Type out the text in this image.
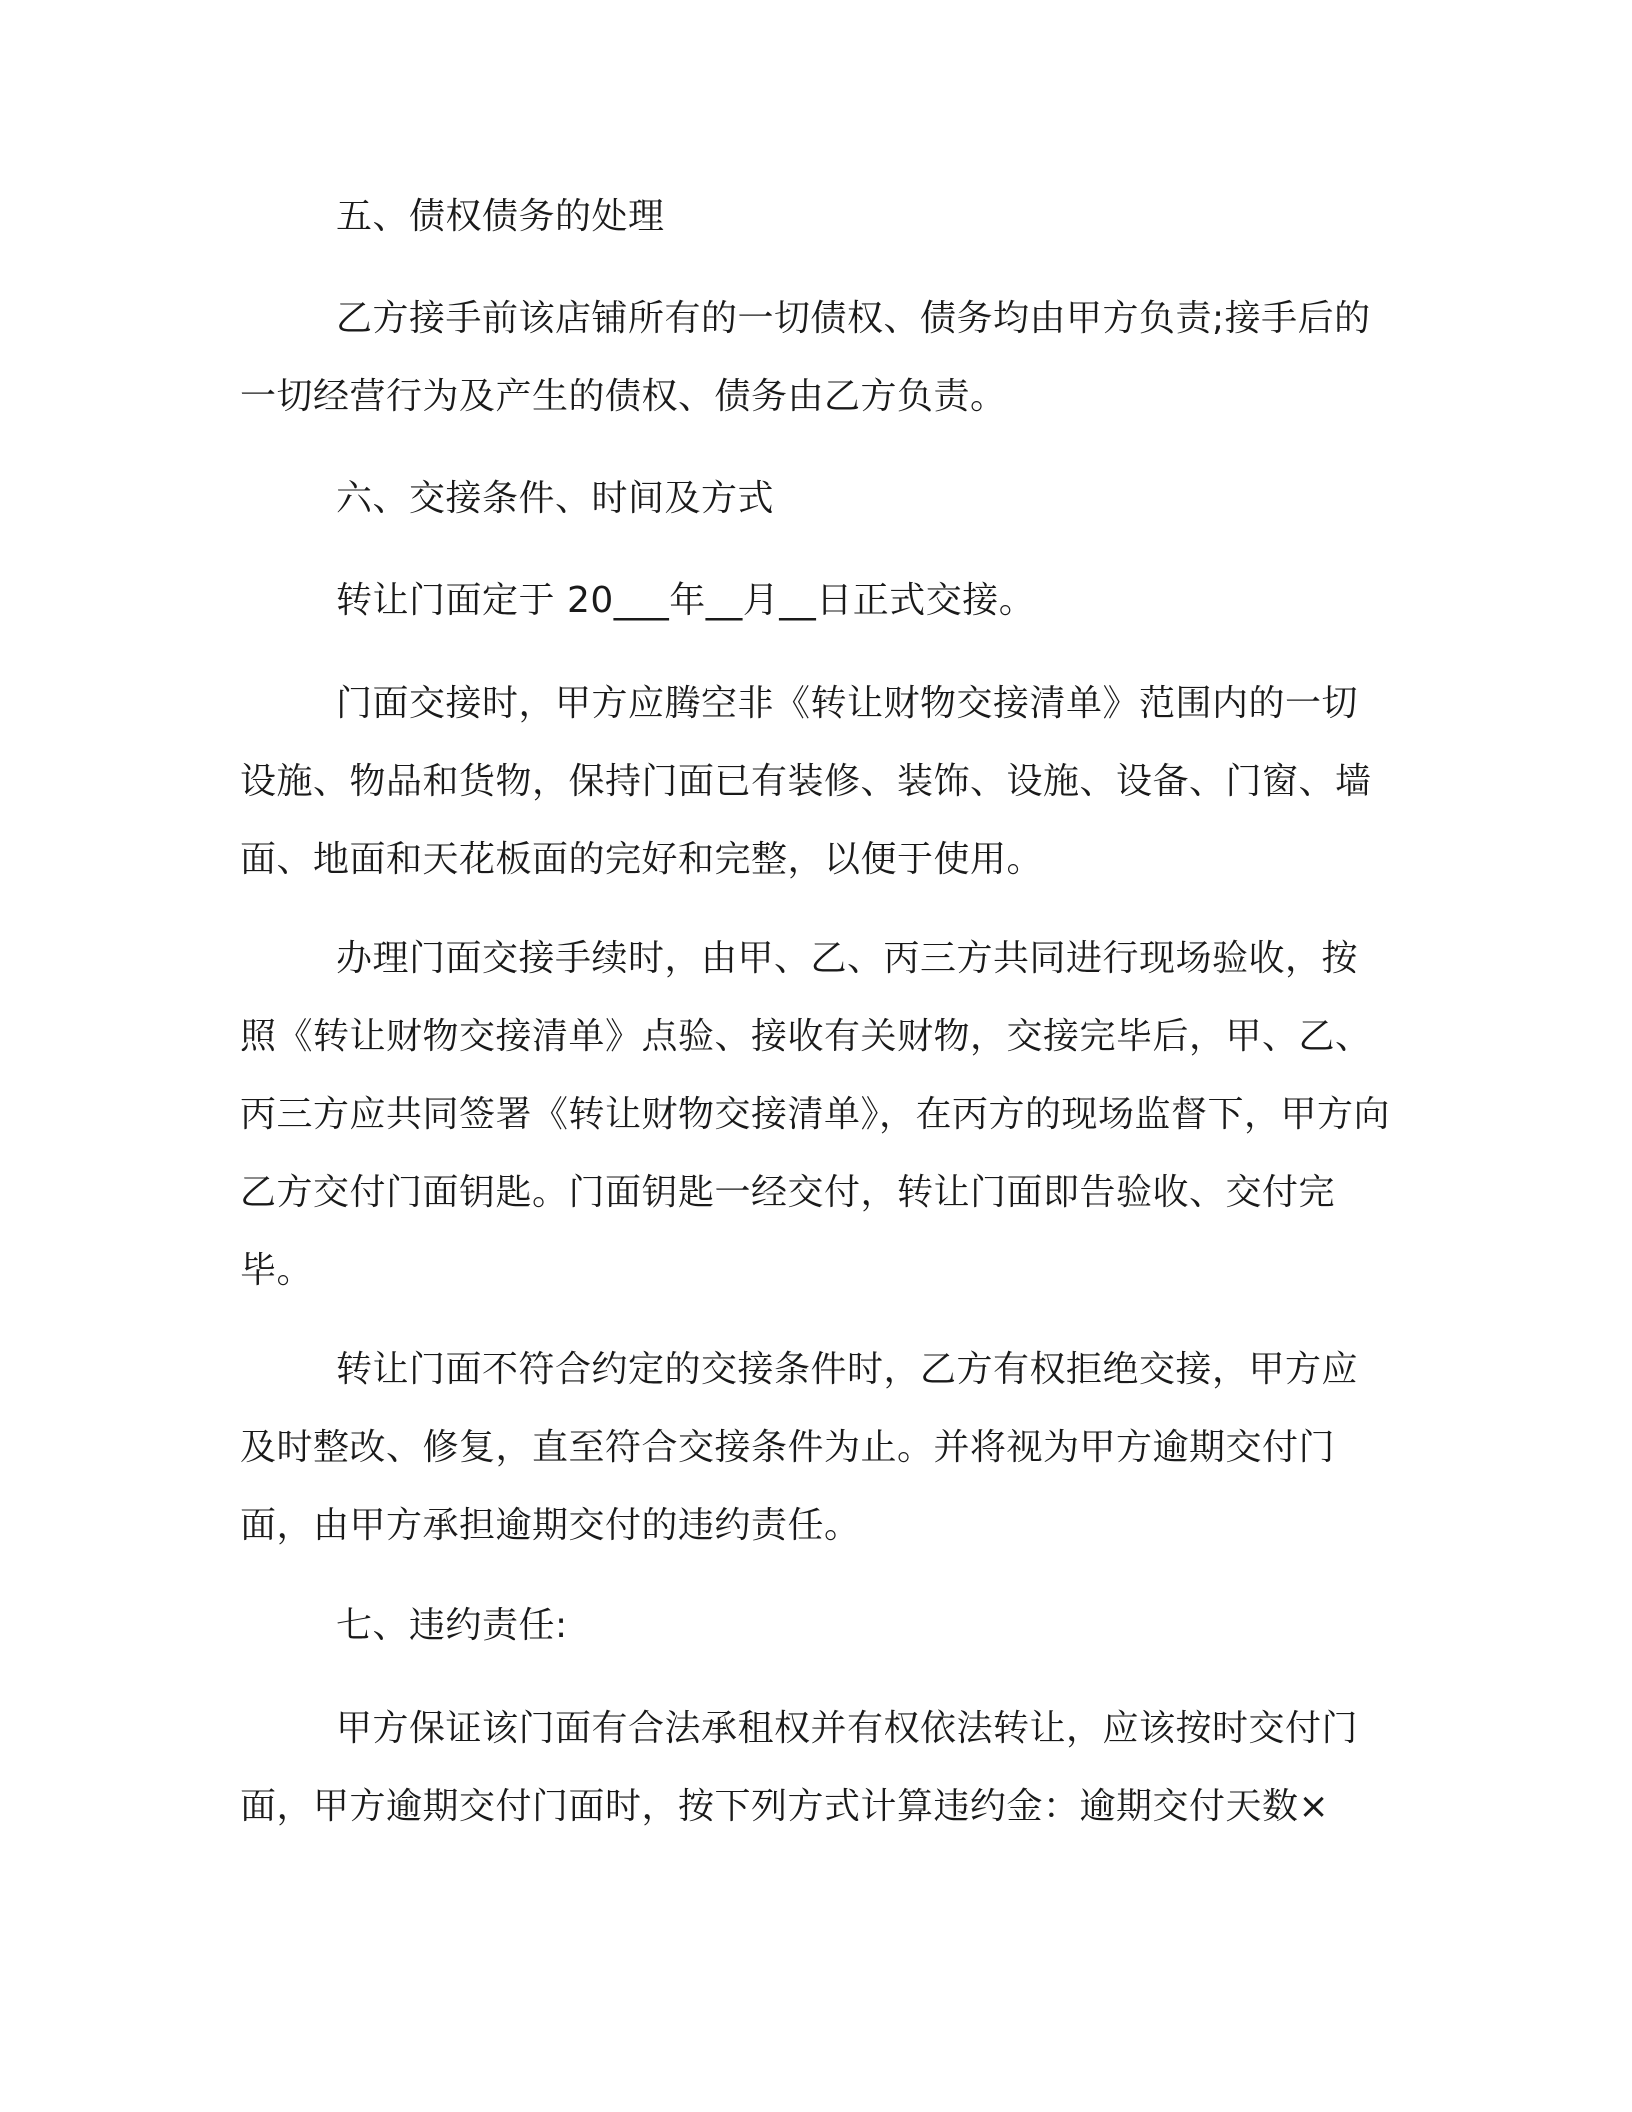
五、债权债务的处理
乙方接手前该店铺所有的一切债权、债务均由甲方负责;接手后的一切经营行为及产生的债权、债务由乙方负责。
六、交接条件、时间及方式
转让门面定于 20___年__月__日正式交接。
门面交接时，甲方应腾空非《转让财物交接清单》范围内的一切设施、物品和货物，保持门面已有装修、装饰、设施、设备、门窗、墙面、地面和天花板面的完好和完整，以便于使用。
办理门面交接手续时，由甲、乙、丙三方共同进行现场验收，按照《转让财物交接清单》点验、接收有关财物，交接完毕后，甲、乙、丙三方应共同签署《转让财物交接清单》，在丙方的现场监督下，甲方向乙方交付门面钥匙。门面钥匙一经交付，转让门面即告验收、交付完毕。
转让门面不符合约定的交接条件时，乙方有权拒绝交接，甲方应及时整改、修复，直至符合交接条件为止。并将视为甲方逾期交付门面，由甲方承担逾期交付的违约责任。
七、违约责任:
甲方保证该门面有合法承租权并有权依法转让，应该按时交付门面，甲方逾期交付门面时，按下列方式计算违约金：逾期交付天数×
